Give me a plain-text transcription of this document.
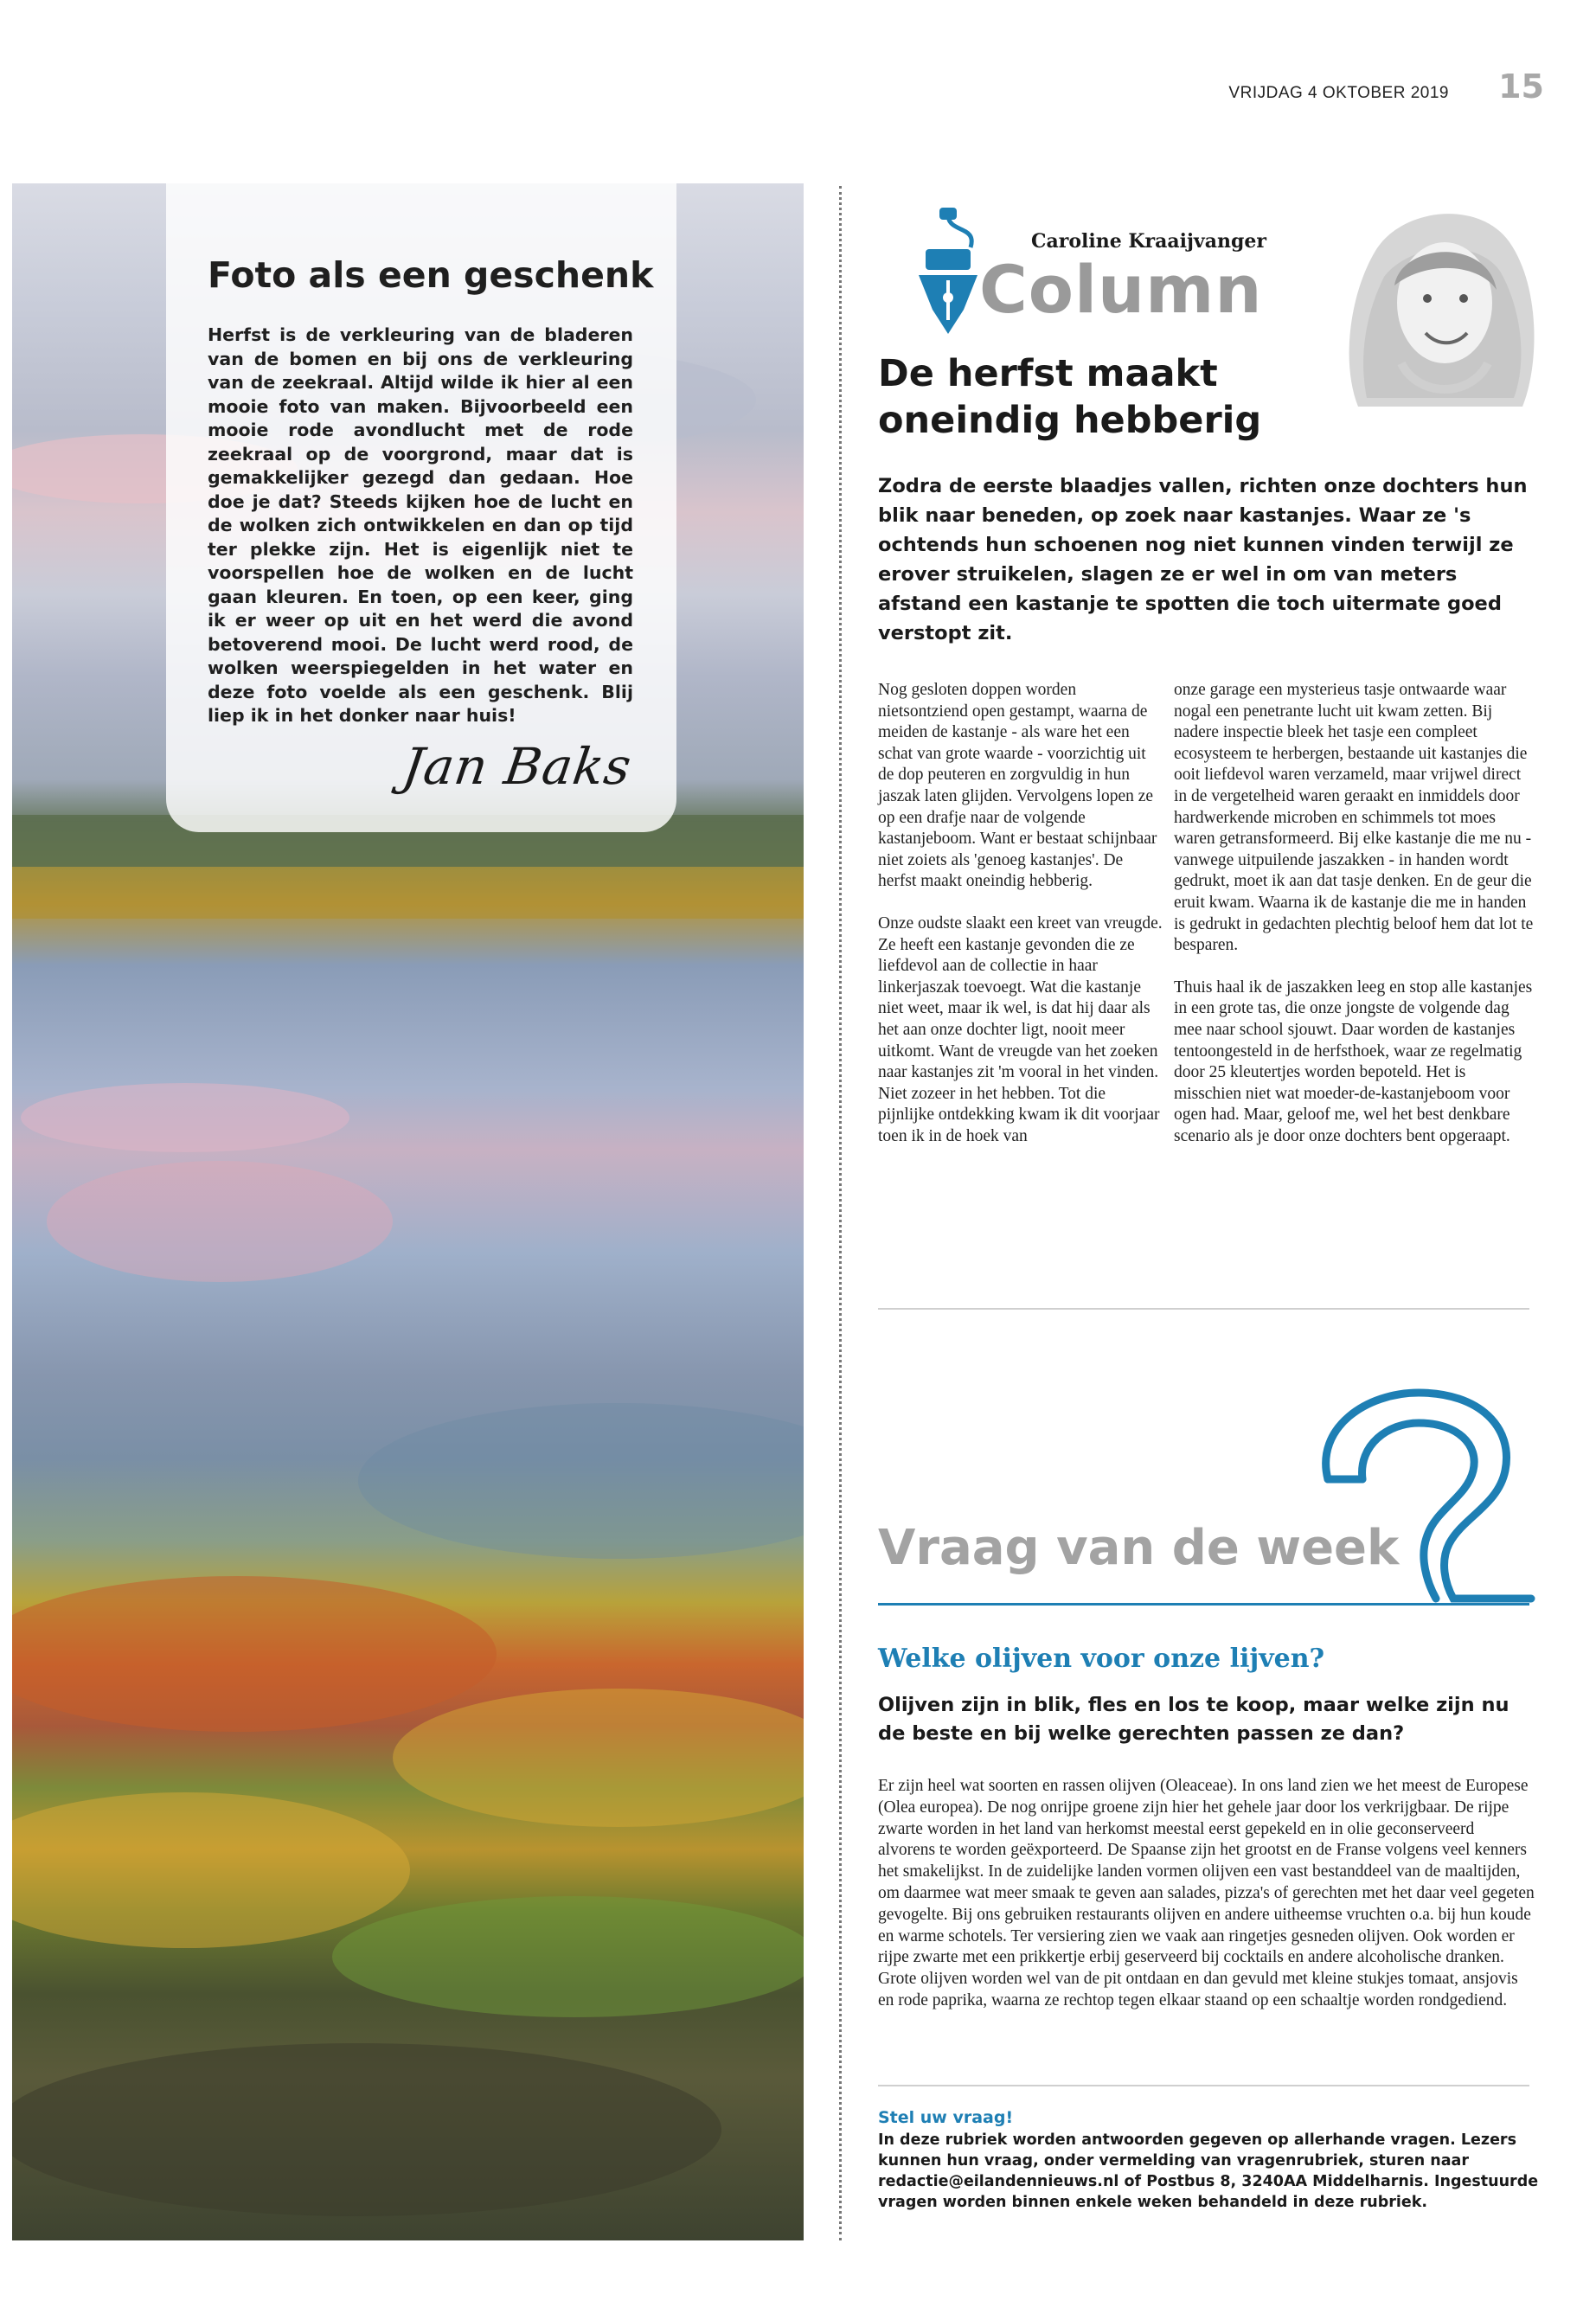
VRIJDAG 4 OKTOBER 2019 15
Foto als een geschenk

Herfst is de verkleuring van de bladeren van de bomen en bij ons de verkleuring van de zeekraal. Altijd wilde ik hier al een mooie foto van maken. Bijvoorbeeld een mooie rode avondlucht met de rode zeekraal op de voorgrond, maar dat is gemakkelijker gezegd dan gedaan. Hoe doe je dat? Steeds kijken hoe de lucht en de wolken zich ontwikkelen en dan op tijd ter plekke zijn. Het is eigenlijk niet te voorspellen hoe de wolken en de lucht gaan kleuren. En toen, op een keer, ging ik er weer op uit en het werd die avond betoverend mooi. De lucht werd rood, de wolken weerspiegelden in het water en deze foto voelde als een geschenk. Blij liep ik in het donker naar huis!

Jan Baks
Caroline Kraaijvanger
Column
De herfst maakt oneindig hebberig

Zodra de eerste blaadjes vallen, richten onze dochters hun blik naar beneden, op zoek naar kastanjes. Waar ze 's ochtends hun schoenen nog niet kunnen vinden terwijl ze erover struikelen, slagen ze er wel in om van meters afstand een kastanje te spotten die toch uitermate goed verstopt zit.

Nog gesloten doppen worden nietsontziend open gestampt, waarna de meiden de kastanje - als ware het een schat van grote waarde - voorzichtig uit de dop peuteren en zorgvuldig in hun jaszak laten glijden. Vervolgens lopen ze op een drafje naar de volgende kastanjeboom. Want er bestaat schijnbaar niet zoiets als 'genoeg kastanjes'. De herfst maakt oneindig hebberig.

Onze oudste slaakt een kreet van vreugde. Ze heeft een kastanje gevonden die ze liefdevol aan de collectie in haar linkerjaszak toevoegt. Wat die kastanje niet weet, maar ik wel, is dat hij daar als het aan onze dochter ligt, nooit meer uitkomt. Want de vreugde van het zoeken naar kastanjes zit 'm vooral in het vinden. Niet zozeer in het hebben. Tot die pijnlijke ontdekking kwam ik dit voorjaar toen ik in de hoek van

onze garage een mysterieus tasje ontwaarde waar nogal een penetrante lucht uit kwam zetten. Bij nadere inspectie bleek het tasje een compleet ecosysteem te herbergen, bestaande uit kastanjes die ooit liefdevol waren verzameld, maar vrijwel direct in de vergetelheid waren geraakt en inmiddels door hardwerkende microben en schimmels tot moes waren getransformeerd. Bij elke kastanje die me nu - vanwege uitpuilende jaszakken - in handen wordt gedrukt, moet ik aan dat tasje denken. En de geur die eruit kwam. Waarna ik de kastanje die me in handen is gedrukt in gedachten plechtig beloof hem dat lot te besparen.

Thuis haal ik de jaszakken leeg en stop alle kastanjes in een grote tas, die onze jongste de volgende dag mee naar school sjouwt. Daar worden de kastanjes tentoongesteld in de herfsthoek, waar ze regelmatig door 25 kleutertjes worden bepoteld. Het is misschien niet wat moeder-de-kastanjeboom voor ogen had. Maar, geloof me, wel het best denkbare scenario als je door onze dochters bent opgeraapt.

Vraag van de week
Welke olijven voor onze lijven?

Olijven zijn in blik, fles en los te koop, maar welke zijn nu de beste en bij welke gerechten passen ze dan?

Er zijn heel wat soorten en rassen olijven (Oleaceae). In ons land zien we het meest de Europese (Olea europea). De nog onrijpe groene zijn hier het gehele jaar door los verkrijgbaar. De rijpe zwarte worden in het land van herkomst meestal eerst gepekeld en in olie geconserveerd alvorens te worden geëxporteerd. De Spaanse zijn het grootst en de Franse volgens veel kenners het smakelijkst. In de zuidelijke landen vormen olijven een vast bestanddeel van de maaltijden, om daarmee wat meer smaak te geven aan salades, pizza's of gerechten met het daar veel gegeten gevogelte. Bij ons gebruiken restaurants olijven en andere uitheemse vruchten o.a. bij hun koude en warme schotels. Ter versiering zien we vaak aan ringetjes gesneden olijven. Ook worden er rijpe zwarte met een prikkertje erbij geserveerd bij cocktails en andere alcoholische dranken. Grote olijven worden wel van de pit ontdaan en dan gevuld met kleine stukjes tomaat, ansjovis en rode paprika, waarna ze rechtop tegen elkaar staand op een schaaltje worden rondgediend.

Stel uw vraag!

In deze rubriek worden antwoorden gegeven op allerhande vragen. Lezers kunnen hun vraag, onder vermelding van vragenrubriek, sturen naar redactie@eilandennieuws.nl of Postbus 8, 3240AA Middelharnis. Ingestuurde vragen worden binnen enkele weken behandeld in deze rubriek.
